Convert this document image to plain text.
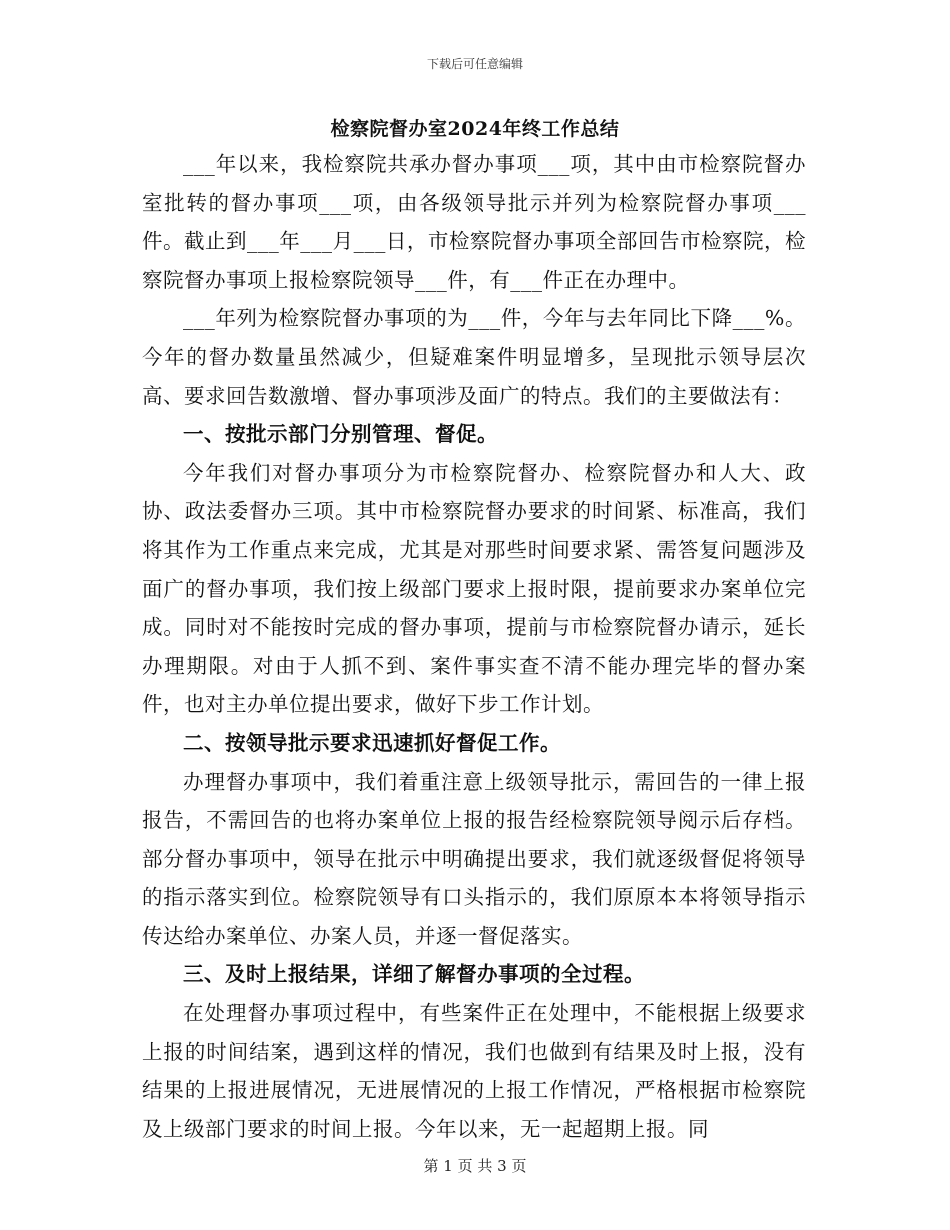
下载后可任意编辑
检察院督办室2024年终工作总结

___年以来，我检察院共承办督办事项___项，其中由市检察院督办室批转的督办事项___项，由各级领导批示并列为检察院督办事项___件。截止到___年___月___日，市检察院督办事项全部回告市检察院，检察院督办事项上报检察院领导___件，有___件正在办理中。

___年列为检察院督办事项的为___件，今年与去年同比下降___%。今年的督办数量虽然减少，但疑难案件明显增多，呈现批示领导层次高、要求回告数激增、督办事项涉及面广的特点。我们的主要做法有：

一、按批示部门分别管理、督促。

今年我们对督办事项分为市检察院督办、检察院督办和人大、政协、政法委督办三项。其中市检察院督办要求的时间紧、标准高，我们将其作为工作重点来完成，尤其是对那些时间要求紧、需答复问题涉及面广的督办事项，我们按上级部门要求上报时限，提前要求办案单位完成。同时对不能按时完成的督办事项，提前与市检察院督办请示，延长办理期限。对由于人抓不到、案件事实查不清不能办理完毕的督办案件，也对主办单位提出要求，做好下步工作计划。

二、按领导批示要求迅速抓好督促工作。

办理督办事项中，我们着重注意上级领导批示，需回告的一律上报报告，不需回告的也将办案单位上报的报告经检察院领导阅示后存档。部分督办事项中，领导在批示中明确提出要求，我们就逐级督促将领导的指示落实到位。检察院领导有口头指示的，我们原原本本将领导指示传达给办案单位、办案人员，并逐一督促落实。

三、及时上报结果，详细了解督办事项的全过程。

在处理督办事项过程中，有些案件正在处理中，不能根据上级要求上报的时间结案，遇到这样的情况，我们也做到有结果及时上报，没有结果的上报进展情况，无进展情况的上报工作情况，严格根据市检察院及上级部门要求的时间上报。今年以来，无一起超期上报。同

第 1 页 共 3 页
